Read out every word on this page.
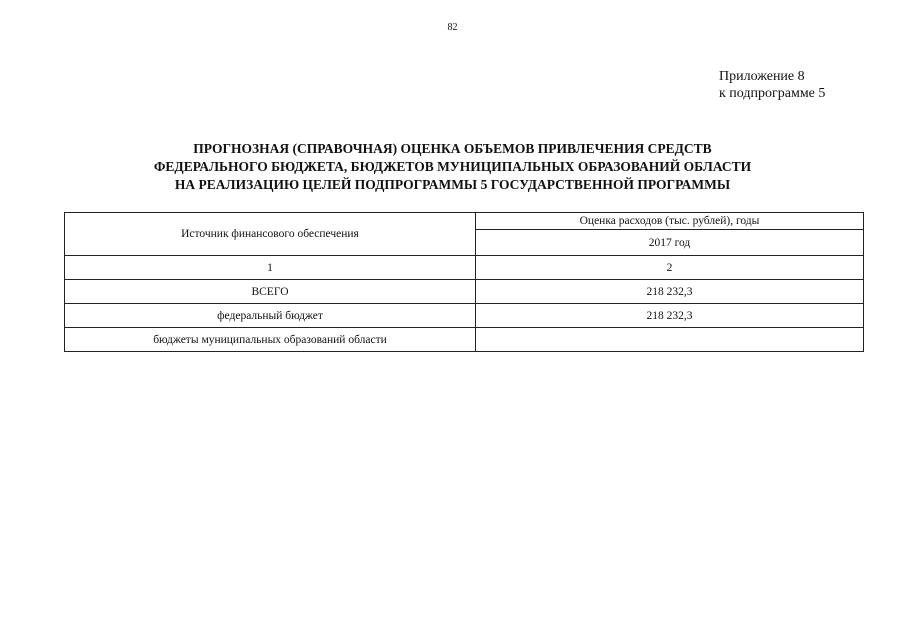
82
Приложение 8
к подпрограмме 5
ПРОГНОЗНАЯ (СПРАВОЧНАЯ) ОЦЕНКА ОБЪЕМОВ ПРИВЛЕЧЕНИЯ СРЕДСТВ
ФЕДЕРАЛЬНОГО БЮДЖЕТА, БЮДЖЕТОВ МУНИЦИПАЛЬНЫХ ОБРАЗОВАНИЙ ОБЛАСТИ
НА РЕАЛИЗАЦИЮ ЦЕЛЕЙ ПОДПРОГРАММЫ 5 ГОСУДАРСТВЕННОЙ ПРОГРАММЫ
Источник финансового обеспечения	Оценка расходов (тыс. рублей), годы
	2017 год
1	2
ВСЕГО	218 232,3
федеральный бюджет	218 232,3
бюджеты муниципальных образований области	
